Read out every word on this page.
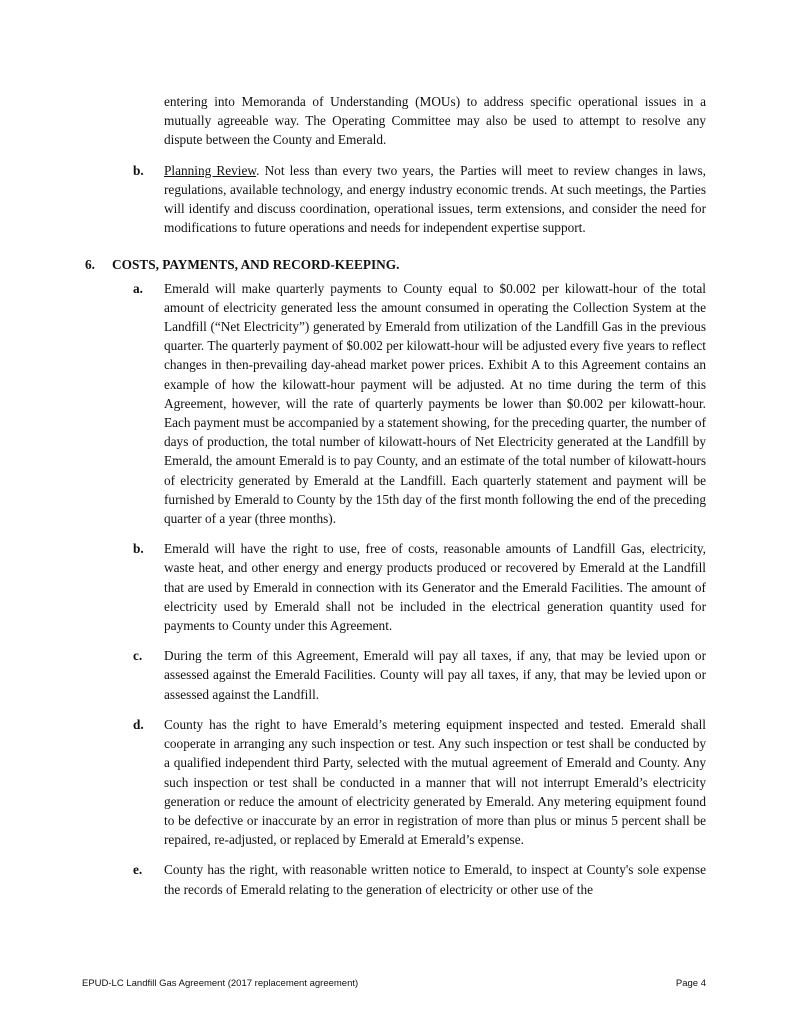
entering into Memoranda of Understanding (MOUs) to address specific operational issues in a mutually agreeable way. The Operating Committee may also be used to attempt to resolve any dispute between the County and Emerald.

b. Planning Review. Not less than every two years, the Parties will meet to review changes in laws, regulations, available technology, and energy industry economic trends. At such meetings, the Parties will identify and discuss coordination, operational issues, term extensions, and consider the need for modifications to future operations and needs for independent expertise support.
6. COSTS, PAYMENTS, AND RECORD-KEEPING.
a. Emerald will make quarterly payments to County equal to $0.002 per kilowatt-hour of the total amount of electricity generated less the amount consumed in operating the Collection System at the Landfill (“Net Electricity”) generated by Emerald from utilization of the Landfill Gas in the previous quarter. The quarterly payment of $0.002 per kilowatt-hour will be adjusted every five years to reflect changes in then-prevailing day-ahead market power prices. Exhibit A to this Agreement contains an example of how the kilowatt-hour payment will be adjusted. At no time during the term of this Agreement, however, will the rate of quarterly payments be lower than $0.002 per kilowatt-hour. Each payment must be accompanied by a statement showing, for the preceding quarter, the number of days of production, the total number of kilowatt-hours of Net Electricity generated at the Landfill by Emerald, the amount Emerald is to pay County, and an estimate of the total number of kilowatt-hours of electricity generated by Emerald at the Landfill. Each quarterly statement and payment will be furnished by Emerald to County by the 15th day of the first month following the end of the preceding quarter of a year (three months).
b. Emerald will have the right to use, free of costs, reasonable amounts of Landfill Gas, electricity, waste heat, and other energy and energy products produced or recovered by Emerald at the Landfill that are used by Emerald in connection with its Generator and the Emerald Facilities. The amount of electricity used by Emerald shall not be included in the electrical generation quantity used for payments to County under this Agreement.
c. During the term of this Agreement, Emerald will pay all taxes, if any, that may be levied upon or assessed against the Emerald Facilities. County will pay all taxes, if any, that may be levied upon or assessed against the Landfill.
d. County has the right to have Emerald’s metering equipment inspected and tested. Emerald shall cooperate in arranging any such inspection or test. Any such inspection or test shall be conducted by a qualified independent third Party, selected with the mutual agreement of Emerald and County. Any such inspection or test shall be conducted in a manner that will not interrupt Emerald’s electricity generation or reduce the amount of electricity generated by Emerald. Any metering equipment found to be defective or inaccurate by an error in registration of more than plus or minus 5 percent shall be repaired, re-adjusted, or replaced by Emerald at Emerald’s expense.
e. County has the right, with reasonable written notice to Emerald, to inspect at County's sole expense the records of Emerald relating to the generation of electricity or other use of the
EPUD-LC Landfill Gas Agreement (2017 replacement agreement)	Page 4
